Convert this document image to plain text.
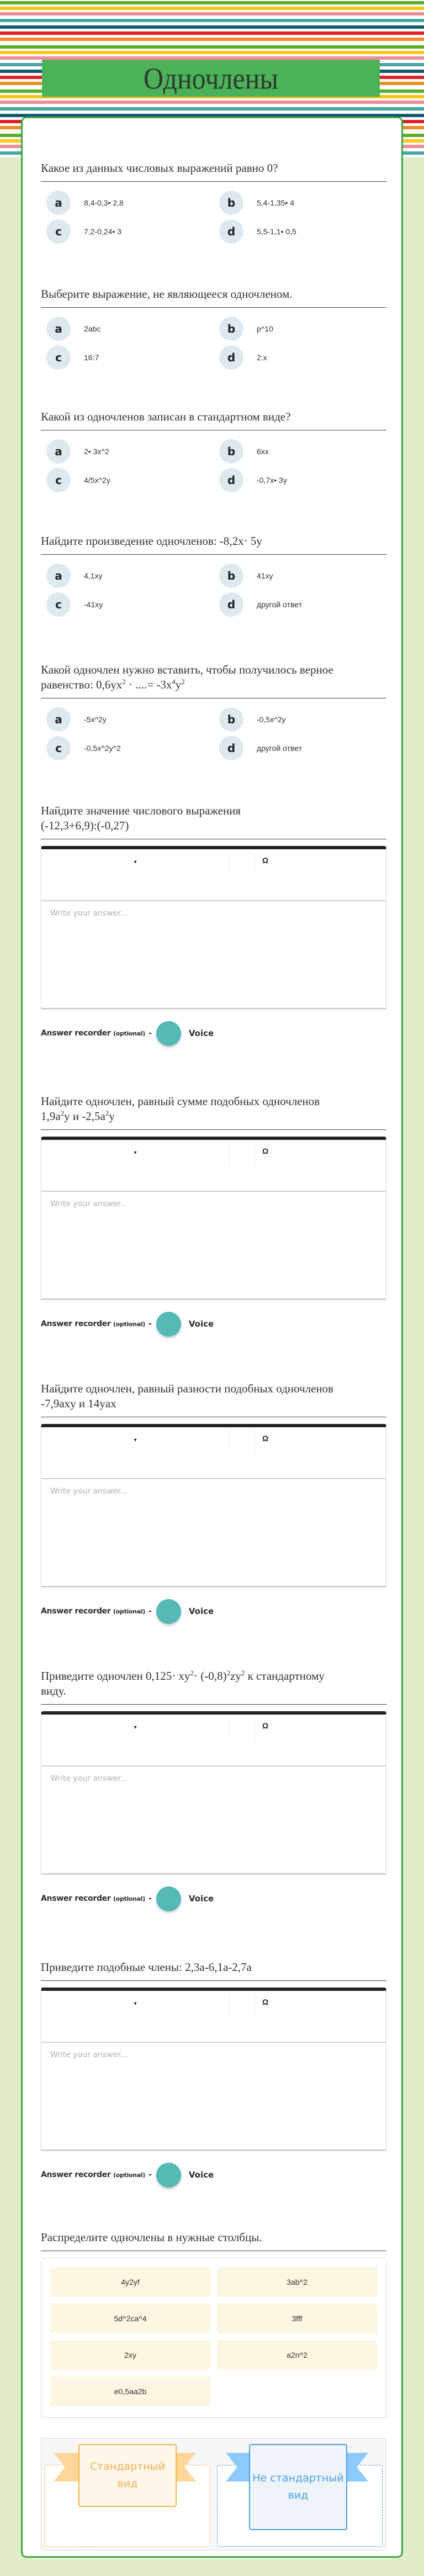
Одночлены
Какое из данных числовых выражений равно 0?
a	8,4-0,3• 2,8	b	5,4-1,35• 4
c	7,2-0,24• 3	d	5,5-1,1• 0,5
Выберите выражение, не являющееся одночленом.
a	2abc	b	p^10
c	16:7	d	2:x
Какой из одночленов записан в стандартном виде?
a	2• 3x^2	b	6xx
c	4/5x^2y	d	-0,7x• 3y
Найдите произведение одночленов: -8,2x· 5y
a	4,1xy	b	41xy
c	-41xy	d	другой ответ
Какой одночлен нужно вставить, чтобы получилось верное равенство: $0,6yx^2$ · ....= $-3x^4y^2$
a	-5x^2y	b	-0,5x^2y
c	-0,5x^2y^2	d	другой ответ
Найдите значение числового выражения
(-12,3+6,9):(-0,27)
▾	Ω
Write your answer...
Answer recorder
(optional) -	Voice
Найдите одночлен, равный сумме подобных одночленов
$1,9a^2y$ и $-2,5a^2y$
▾	Ω
Write your answer...
Answer recorder
(optional) -	Voice
Найдите одночлен, равный разности подобных одночленов
-7,9axy и 14yax
▾	Ω
Write your answer...
Answer recorder
(optional) -	Voice
Приведите одночлен $0,125\cdot xy^2\cdot (-0,8)^2zy^2$ к стандартному
виду.
▾	Ω
Write your answer...
Answer recorder
(optional) -	Voice
Приведите подобные члены: 2,3a-6,1a-2,7a
▾	Ω
Write your answer...
Answer recorder
(optional) -	Voice
Распределите одночлены в нужные столбцы.
4y2yf	3ab^2
5d^2ca^4	3fff
2xy	a2n^2
e0,5aa2b
Стандартный вид	Не стандартный вид
